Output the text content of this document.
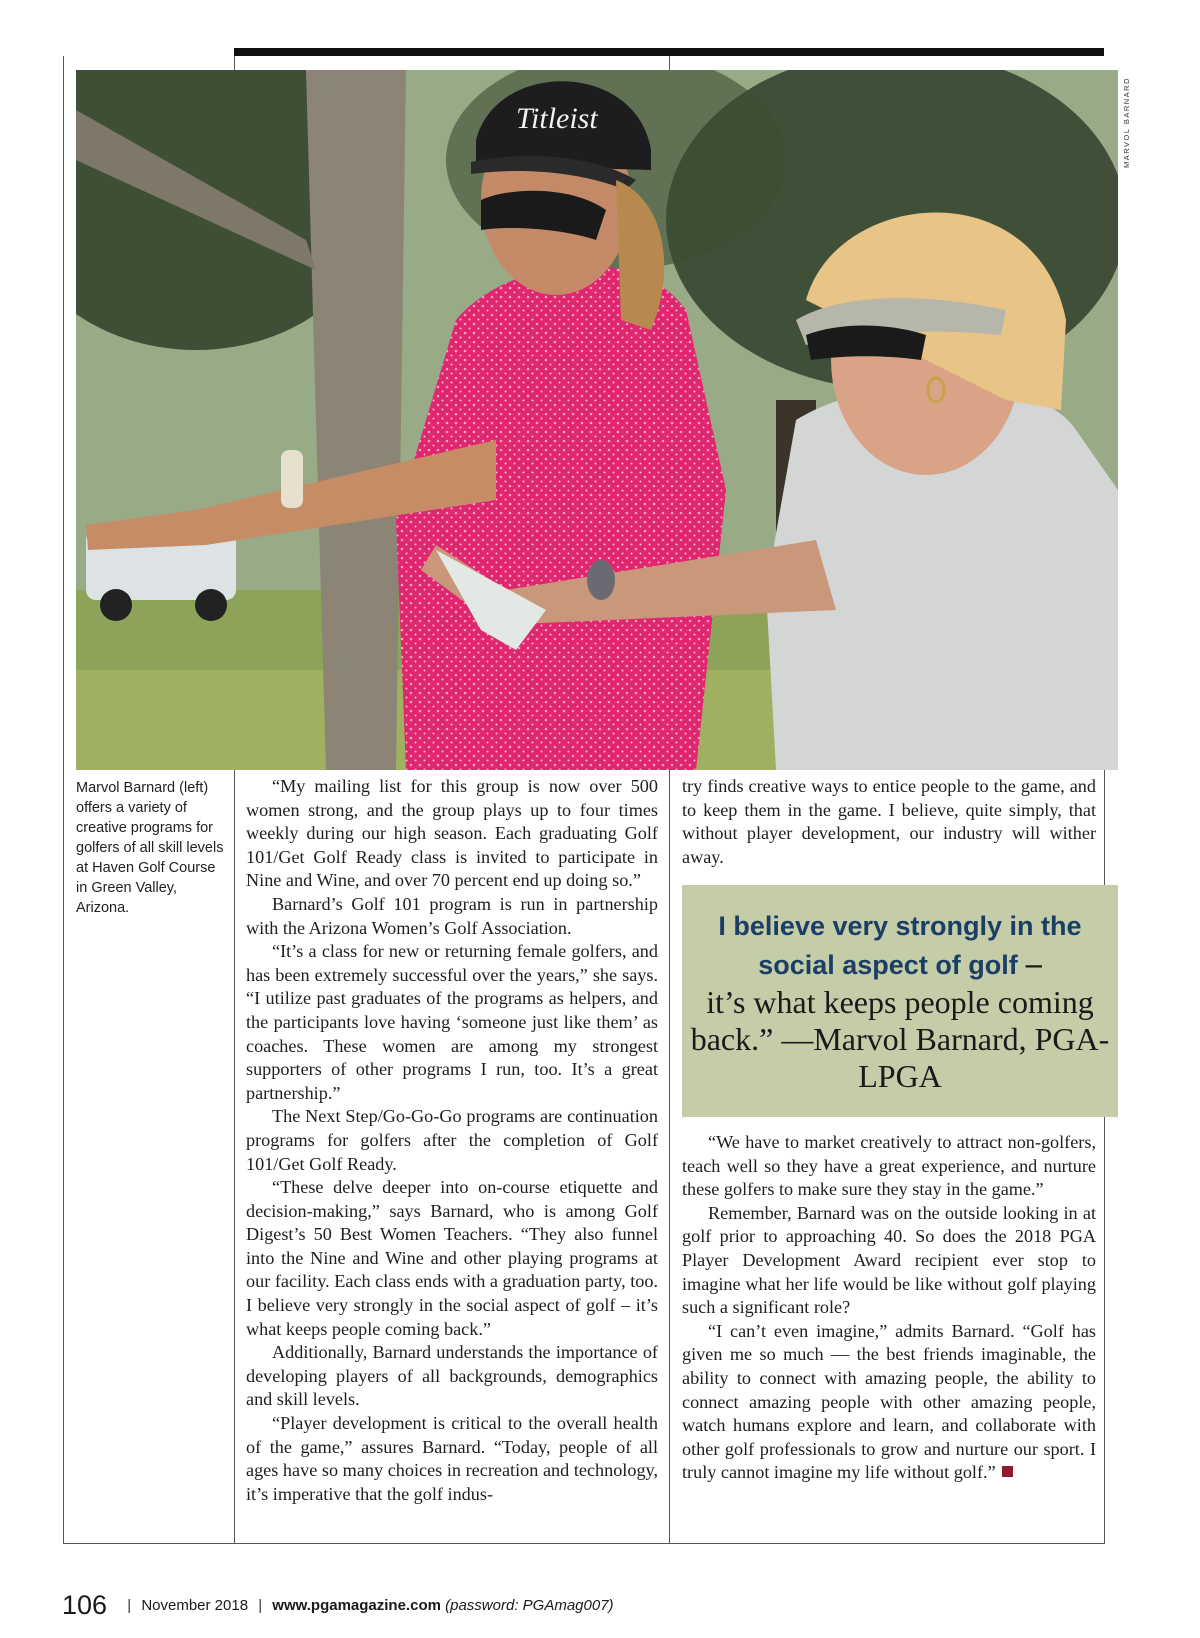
Titleist	MARVOL BARNARD
Marvol Barnard (left) offers a variety of creative programs for golfers of all skill levels at Haven Golf Course in Green Valley, Arizona.

“My mailing list for this group is now over 500 women strong, and the group plays up to four times weekly during our high season. Each graduating Golf 101/Get Golf Ready class is invited to participate in Nine and Wine, and over 70 percent end up doing so.”

Barnard’s Golf 101 program is run in partnership with the Arizona Women’s Golf Association.

“It’s a class for new or returning female golfers, and has been extremely successful over the years,” she says. “I utilize past graduates of the programs as helpers, and the participants love having ‘someone just like them’ as coaches. These women are among my strongest supporters of other programs I run, too. It’s a great partnership.”

The Next Step/Go-Go-Go programs are continuation programs for golfers after the completion of Golf 101/Get Golf Ready.

“These delve deeper into on-course etiquette and decision-making,” says Barnard, who is among Golf Digest’s 50 Best Women Teachers. “They also funnel into the Nine and Wine and other playing programs at our facility. Each class ends with a graduation party, too. I believe very strongly in the social aspect of golf – it’s what keeps people coming back.”

Additionally, Barnard understands the importance of developing players of all backgrounds, demographics and skill levels.

“Player development is critical to the overall health of the game,” assures Barnard. “Today, people of all ages have so many choices in recreation and technology, it’s imperative that the golf indus-

try finds creative ways to entice people to the game, and to keep them in the game. I believe, quite simply, that without player development, our industry will wither away.

I believe very strongly in the social aspect of golf –
it’s what keeps people coming back.” —Marvol Barnard, PGA-LPGA

“We have to market creatively to attract non-golfers, teach well so they have a great experience, and nurture these golfers to make sure they stay in the game.”

Remember, Barnard was on the outside looking in at golf prior to approaching 40. So does the 2018 PGA Player Development Award recipient ever stop to imagine what her life would be like without golf playing such a significant role?

“I can’t even imagine,” admits Barnard. “Golf has given me so much — the best friends imaginable, the ability to connect with amazing people, the ability to connect amazing people with other amazing people, watch humans explore and learn, and collaborate with other golf professionals to grow and nurture our sport. I truly cannot imagine my life without golf.”

106 | November 2018 | www.pgamagazine.com (password: PGAmag007)
